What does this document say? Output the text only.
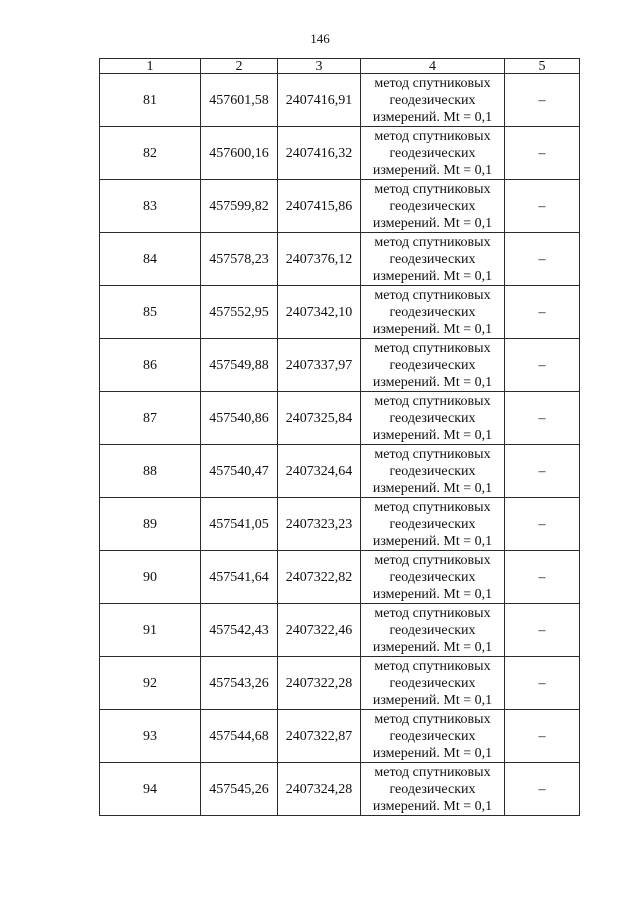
146
1	2	3	4	5
81	457601,58	2407416,91	метод спутниковых
геодезических
измерений. Mt = 0,1	–
82	457600,16	2407416,32	метод спутниковых
геодезических
измерений. Mt = 0,1	–
83	457599,82	2407415,86	метод спутниковых
геодезических
измерений. Mt = 0,1	–
84	457578,23	2407376,12	метод спутниковых
геодезических
измерений. Mt = 0,1	–
85	457552,95	2407342,10	метод спутниковых
геодезических
измерений. Mt = 0,1	–
86	457549,88	2407337,97	метод спутниковых
геодезических
измерений. Mt = 0,1	–
87	457540,86	2407325,84	метод спутниковых
геодезических
измерений. Mt = 0,1	–
88	457540,47	2407324,64	метод спутниковых
геодезических
измерений. Mt = 0,1	–
89	457541,05	2407323,23	метод спутниковых
геодезических
измерений. Mt = 0,1	–
90	457541,64	2407322,82	метод спутниковых
геодезических
измерений. Mt = 0,1	–
91	457542,43	2407322,46	метод спутниковых
геодезических
измерений. Mt = 0,1	–
92	457543,26	2407322,28	метод спутниковых
геодезических
измерений. Mt = 0,1	–
93	457544,68	2407322,87	метод спутниковых
геодезических
измерений. Mt = 0,1	–
94	457545,26	2407324,28	метод спутниковых
геодезических
измерений. Mt = 0,1	–
